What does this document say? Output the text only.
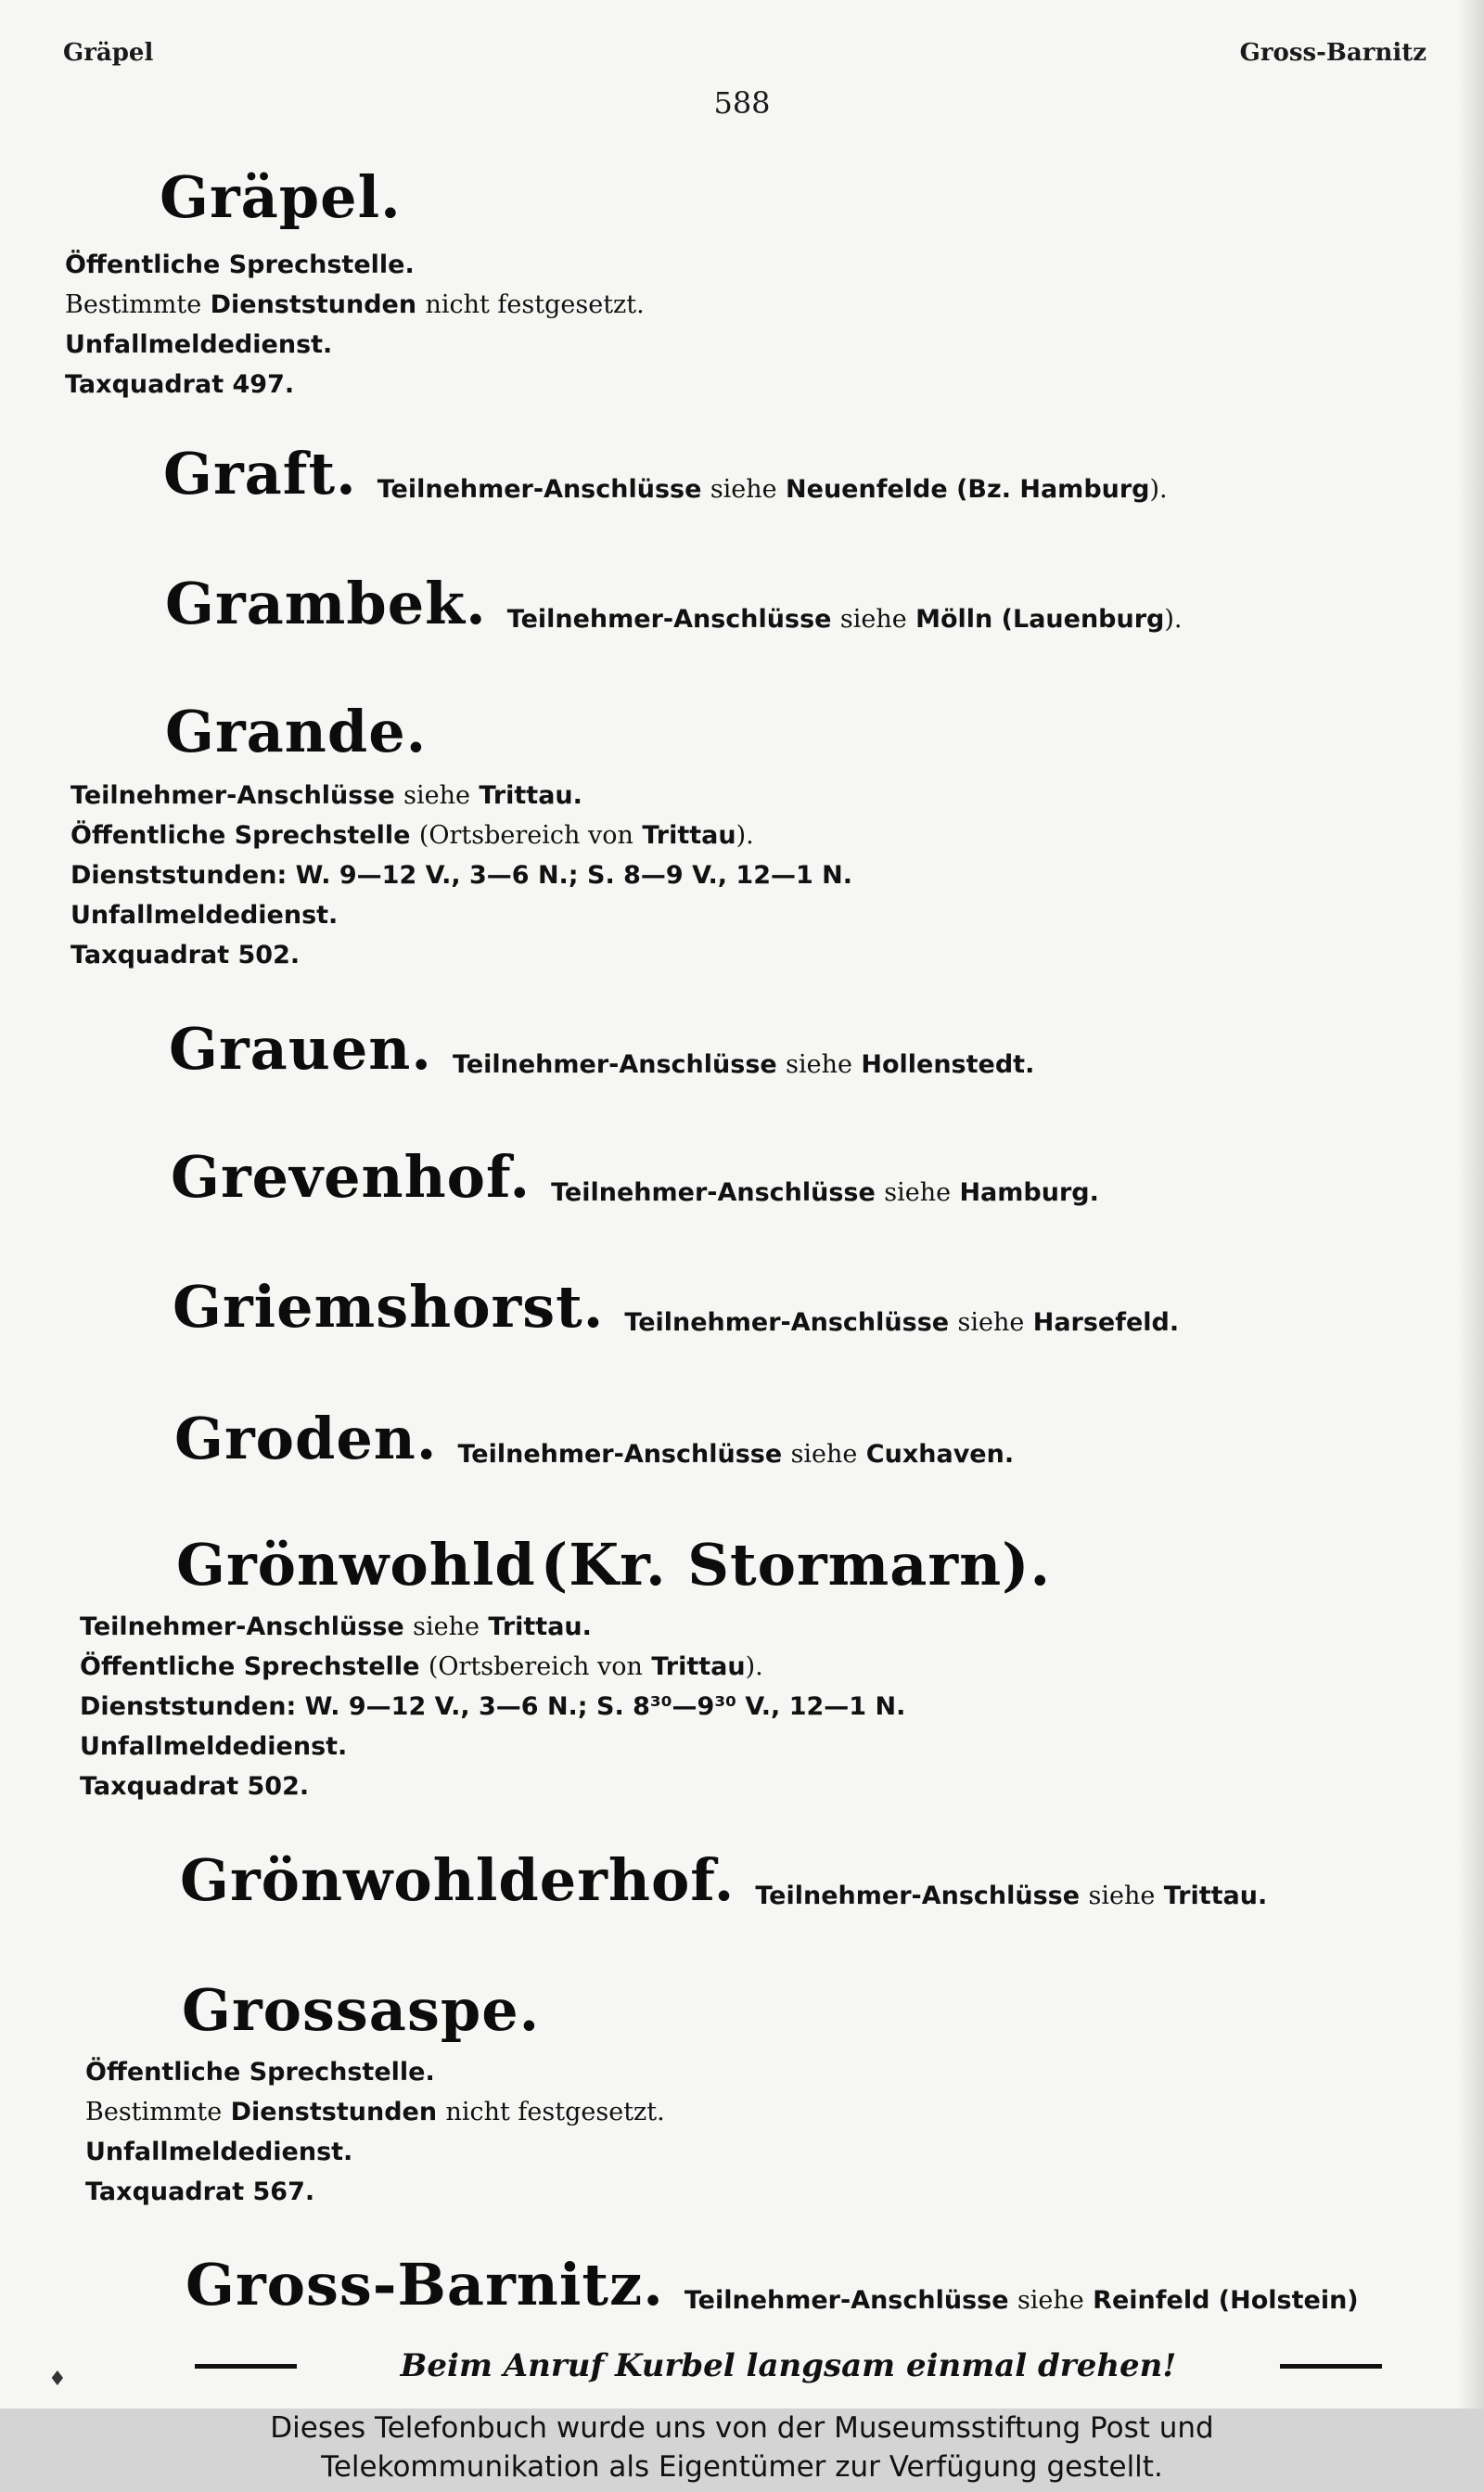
Gräpel	Gross-Barnitz
588
Gräpel.
Öffentliche Sprechstelle.
Bestimmte Dienststunden nicht festgesetzt.
Unfallmeldedienst.
Taxquadrat 497.
Graft. Teilnehmer-Anschlüsse siehe Neuenfelde (Bz. Hamburg).
Grambek. Teilnehmer-Anschlüsse siehe Mölln (Lauenburg).
Grande.
Teilnehmer-Anschlüsse siehe Trittau.
Öffentliche Sprechstelle (Ortsbereich von Trittau).
Dienststunden: W. 9—12 V., 3—6 N.; S. 8—9 V., 12—1 N.
Unfallmeldedienst.
Taxquadrat 502.
Grauen. Teilnehmer-Anschlüsse siehe Hollenstedt.
Grevenhof. Teilnehmer-Anschlüsse siehe Hamburg.
Griemshorst. Teilnehmer-Anschlüsse siehe Harsefeld.
Groden. Teilnehmer-Anschlüsse siehe Cuxhaven.
Grönwohld (Kr. Stormarn).
Teilnehmer-Anschlüsse siehe Trittau.
Öffentliche Sprechstelle (Ortsbereich von Trittau).
Dienststunden: W. 9—12 V., 3—6 N.; S. 8³⁰—9³⁰ V., 12—1 N.
Unfallmeldedienst.
Taxquadrat 502.
Grönwohlderhof. Teilnehmer-Anschlüsse siehe Trittau.
Grossaspe.
Öffentliche Sprechstelle.
Bestimmte Dienststunden nicht festgesetzt.
Unfallmeldedienst.
Taxquadrat 567.
Gross-Barnitz. Teilnehmer-Anschlüsse siehe Reinfeld (Holstein)
Beim Anruf Kurbel langsam einmal drehen!
♦
Dieses Telefonbuch wurde uns von der Museumsstiftung Post und
Telekommunikation als Eigentümer zur Verfügung gestellt.
